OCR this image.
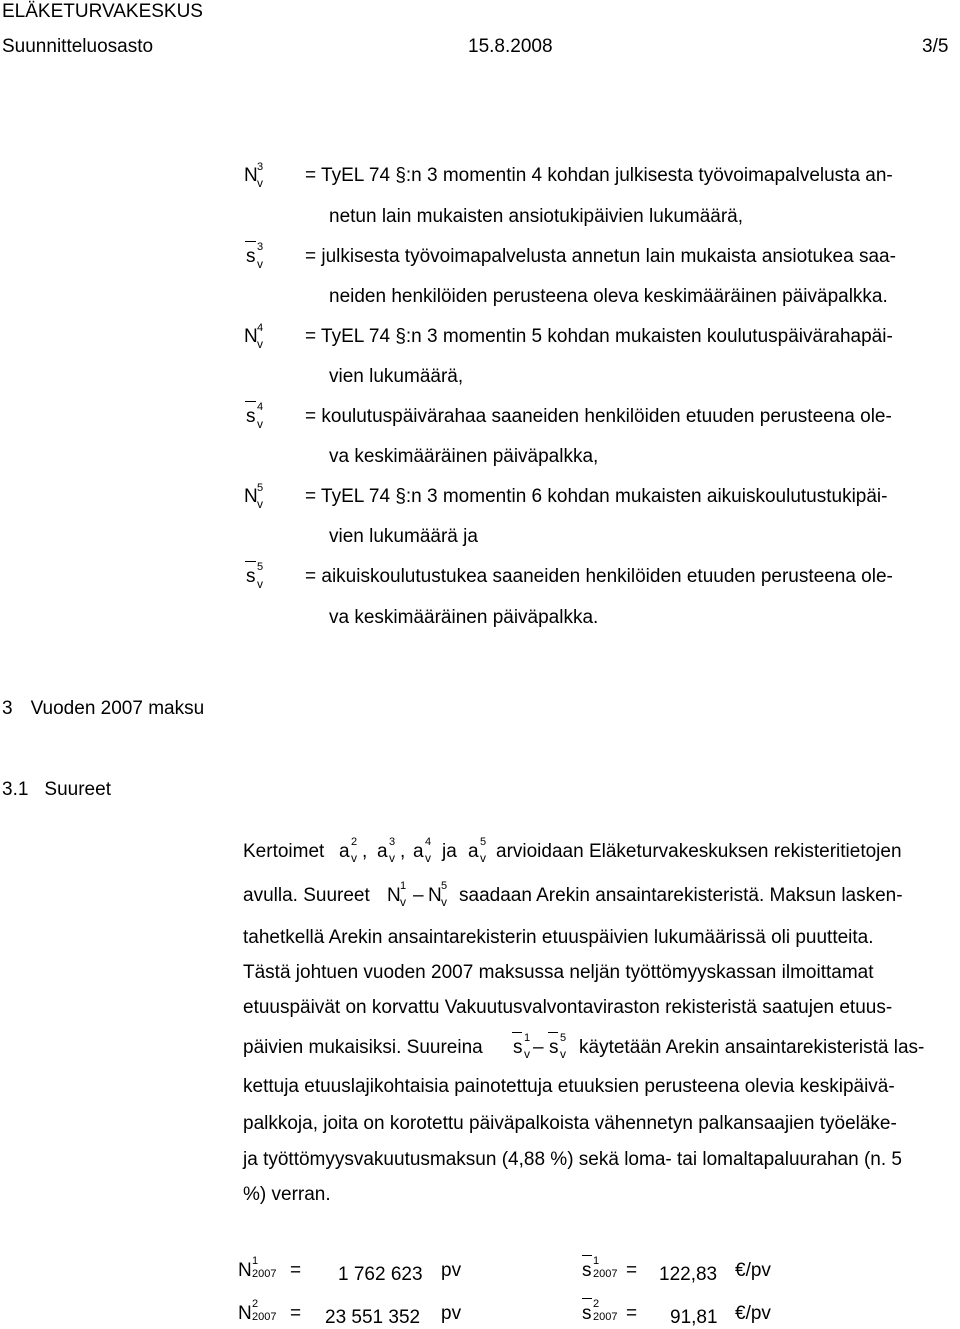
ELÄKETURVAKESKUS
Suunnitteluosasto	15.8.2008	3/5
N 3
v = TyEL 74 §:n 3 momentin 4 kohdan julkisesta työvoimapalvelusta an-
netun lain mukaisten ansiotukipäivien lukumäärä,
s 3
v = julkisesta työvoimapalvelusta annetun lain mukaista ansiotukea saa-
neiden henkilöiden perusteena oleva keskimääräinen päiväpalkka.
N 4
v = TyEL 74 §:n 3 momentin 5 kohdan mukaisten koulutuspäivärahapäi-
vien lukumäärä,
s 4
v = koulutuspäivärahaa saaneiden henkilöiden etuuden perusteena ole-
va keskimääräinen päiväpalkka,
N 5
v = TyEL 74 §:n 3 momentin 6 kohdan mukaisten aikuiskoulutustukipäi-
vien lukumäärä ja
s 5
v = aikuiskoulutustukea saaneiden henkilöiden etuuden perusteena ole-
va keskimääräinen päiväpalkka.
3 Vuoden 2007 maksu
3.1 Suureet
Kertoimet a 2
v , a 3
v , a 4
v ja a 5
v arvioidaan Eläketurvakeskuksen rekisteritietojen
avulla. Suureet N 1
v – N 5
v saadaan Arekin ansaintarekisteristä. Maksun lasken-
tahetkellä Arekin ansaintarekisterin etuuspäivien lukumäärissä oli puutteita.
Tästä johtuen vuoden 2007 maksussa neljän työttömyyskassan ilmoittamat
etuuspäivät on korvattu Vakuutusvalvontaviraston rekisteristä saatujen etuus-
päivien mukaisiksi. Suureina s 1
v – s 5
v käytetään Arekin ansaintarekisteristä las-
kettuja etuuslajikohtaisia painotettuja etuuksien perusteena olevia keskipäivä-
palkkoja, joita on korotettu päiväpalkoista vähennetyn palkansaajien työeläke-
ja työttömyysvakuutusmaksun (4,88 %) sekä loma- tai lomaltapaluurahan (n. 5
%) verran.
N 1
2007 = 1 762 623 pv	s 1
2007 = 122,83 €/pv
N 2
2007 = 23 551 352 pv	s 2
2007 = 91,81 €/pv
